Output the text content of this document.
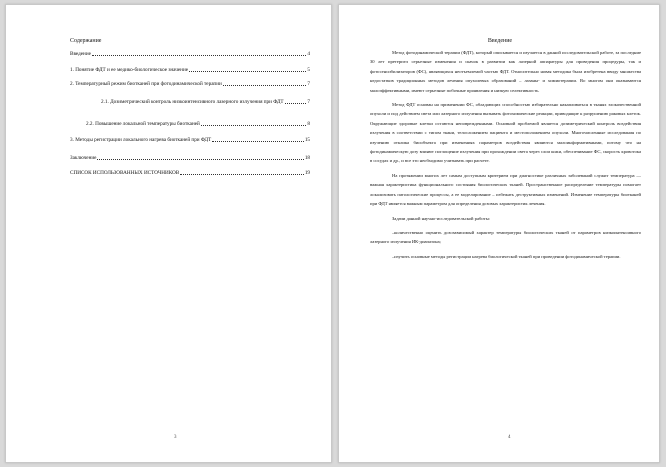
Содержание
Введение	4
1. Понятие ФДТ и ее медико-биологическое значение	5
2. Температурный режим биотканей при фотодинамической терапии	7
2.1. Дозиметрический контроль низкоинтенсивного лазерного излучения при ФДТ	7
2.2. Повышение локальной температуры биотканей	8
3. Методы регистрации локального нагрева биотканей при ФДТ	15
Заключение	18
СПИСОК ИСПОЛЬЗОВАННЫХ ИСТОЧНИКОВ	19
3
Введение

Метод фотодинамической терапии (ФДТ), который описывается и изучается в данной исследовательской работе, за последние 30 лет претерпел серьезные изменения и скачок в развитии как лазерной аппаратуры для проведения процедуры, так и фотосенсибилизаторов (ФС), являющихся неотъемлемой частью ФДТ. Относительно новая методика была изобретена ввиду множества недостатков традиционных методов лечения опухолевых образований – лазаны- и химиотерапии. Во многом они оказываются малоэффективными, имеют серьезные побочные проявления и низкую селективность.

Метод ФДТ основан на применении ФС, обладающих способностью избирательно накапливаться в тканях злокачественной опухоли и под действием света или лазерного излучения вызывать фотохимические реакции, приводящие к разрушению раковых клеток. Окружающие здоровые клетки остаются неповрежденными. Основной проблемой является дозиметрический контроль воздействия излучения в соответствии с типом ткани, телосложением пациента и местоположением опухоли. Многочисленные исследования по изучению отклика биообъекта при изменениях параметров воздействия являются малоинформативными, потому что на фотодинамическую дозу влияют поглощение излучения при прохождении света через слои кожи, обеспечивание ФС, скорость кровотока в сосудах и др., и все это необходимо учитывать при расчете.

На протяжении многих лет самым доступным критерием при диагностике различных заболеваний служит температура — важная характеристика функционального состояния биологических тканей. Пространственное распределение температуры помогает локализовать патологические процессы, а ее моделирование – избежать деструктивных изменений. Изменение температуры биотканей при ФДТ является важным параметром для определения дозовых характеристик лечения.

Задачи данной научно-исследовательской работы:

–количественно оценить дозозависимый характер температуры биологических тканей от параметров низкоинтенсивного лазерного излучения ИК-диапазона;

–изучить основные методы регистрации нагрева биологической тканей при проведении фотодинамической терапии.

4
